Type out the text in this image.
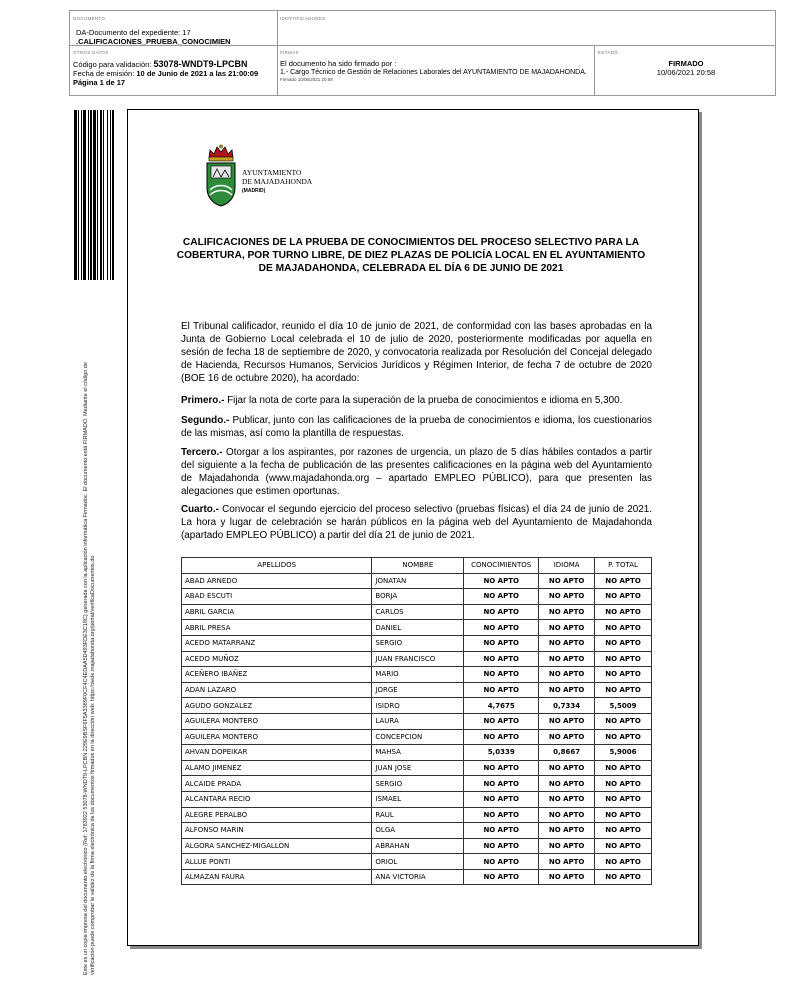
DOCUMENTO
DA-Documento del expediente: 17
.CALIFICACIONES_PRUEBA_CONOCIMIEN
IDENTIFICADORES
OTROS DATOS
Código para validación: 53078-WNDT9-LPCBN
Fecha de emisión: 10 de Junio de 2021 a las 21:00:09
Página 1 de 17
FIRMAS
El documento ha sido firmado por :
1.- Cargo Técnico de Gestión de Relaciones Laborales del AYUNTAMIENTO DE MAJADAHONDA.
Firmado 10/06/2021 20:58
ESTADO
FIRMADO
10/06/2021 20:58
Este es un copia impresa del documento electrónico (Ref: 1783922 53078-WNDT9-LPCBN 229E9BSF6F5A3389F0CF4C4EDAA5D493FDE3C18C) generada con la aplicación informática Firmadoc. El documento está FIRMADO. Mediante el código de verificación puede comprobar la validez de la firma electrónica de los documentos firmados en la dirección web: https://sede.majadahonda.org/portal/verificaDocumentos.do
AYUNTAMIENTO
DE MAJADAHONDA
(MADRID)
CALIFICACIONES DE LA PRUEBA DE CONOCIMIENTOS DEL PROCESO SELECTIVO PARA LA COBERTURA, POR TURNO LIBRE, DE DIEZ PLAZAS DE POLICÍA LOCAL EN EL AYUNTAMIENTO DE MAJADAHONDA, CELEBRADA EL DÍA 6 DE JUNIO DE 2021
El Tribunal calificador, reunido el día 10 de junio de 2021, de conformidad con las bases aprobadas en la Junta de Gobierno Local celebrada el 10 de julio de 2020, posteriormente modificadas por aquella en sesión de fecha 18 de septiembre de 2020, y convocatoria realizada por Resolución del Concejal delegado de Hacienda, Recursos Humanos, Servicios Jurídicos y Régimen Interior, de fecha 7 de octubre de 2020 (BOE 16 de octubre 2020), ha acordado:
Primero.- Fijar la nota de corte para la superación de la prueba de conocimientos e idioma en 5,300.
Segundo.- Publicar, junto con las calificaciones de la prueba de conocimientos e idioma, los cuestionarios de las mismas, así como la plantilla de respuestas.
Tercero.- Otorgar a los aspirantes, por razones de urgencia, un plazo de 5 días hábiles contados a partir del siguiente a la fecha de publicación de las presentes calificaciones en la página web del Ayuntamiento de Majadahonda (www.majadahonda.org – apartado EMPLEO PÚBLICO), para que presenten las alegaciones que estimen oportunas.
Cuarto.- Convocar el segundo ejercicio del proceso selectivo (pruebas físicas) el día 24 de junio de 2021. La hora y lugar de celebración se harán públicos en la página web del Ayuntamiento de Majadahonda (apartado EMPLEO PÚBLICO) a partir del día 21 de junio de 2021.
APELLIDOS	NOMBRE	CONOCIMIENTOS	IDIOMA	P. TOTAL
ABAD ARNEDO	JONATAN	NO APTO	NO APTO	NO APTO
ABAD ESCUTI	BORJA	NO APTO	NO APTO	NO APTO
ABRIL GARCIA	CARLOS	NO APTO	NO APTO	NO APTO
ABRIL PRESA	DANIEL	NO APTO	NO APTO	NO APTO
ACEDO MATARRANZ	SERGIO	NO APTO	NO APTO	NO APTO
ACEDO MUÑOZ	JUAN FRANCISCO	NO APTO	NO APTO	NO APTO
ACEÑERO IBAÑEZ	MARIO	NO APTO	NO APTO	NO APTO
ADAN LAZARO	JORGE	NO APTO	NO APTO	NO APTO
AGUDO GONZALEZ	ISIDRO	4,7675	0,7334	5,5009
AGUILERA MONTERO	LAURA	NO APTO	NO APTO	NO APTO
AGUILERA MONTERO	CONCEPCION	NO APTO	NO APTO	NO APTO
AHVAN DOPEIKAR	MAHSA	5,0339	0,8667	5,9006
ALAMO JIMENEZ	JUAN JOSE	NO APTO	NO APTO	NO APTO
ALCAIDE PRADA	SERGIO	NO APTO	NO APTO	NO APTO
ALCANTARA RECIO	ISMAEL	NO APTO	NO APTO	NO APTO
ALEGRE PERALBO	RAUL	NO APTO	NO APTO	NO APTO
ALFONSO MARIN	OLGA	NO APTO	NO APTO	NO APTO
ALGORA SANCHEZ-MIGALLON	ABRAHAN	NO APTO	NO APTO	NO APTO
ALLUE PONTI	ORIOL	NO APTO	NO APTO	NO APTO
ALMAZAN FAURA	ANA VICTORIA	NO APTO	NO APTO	NO APTO
